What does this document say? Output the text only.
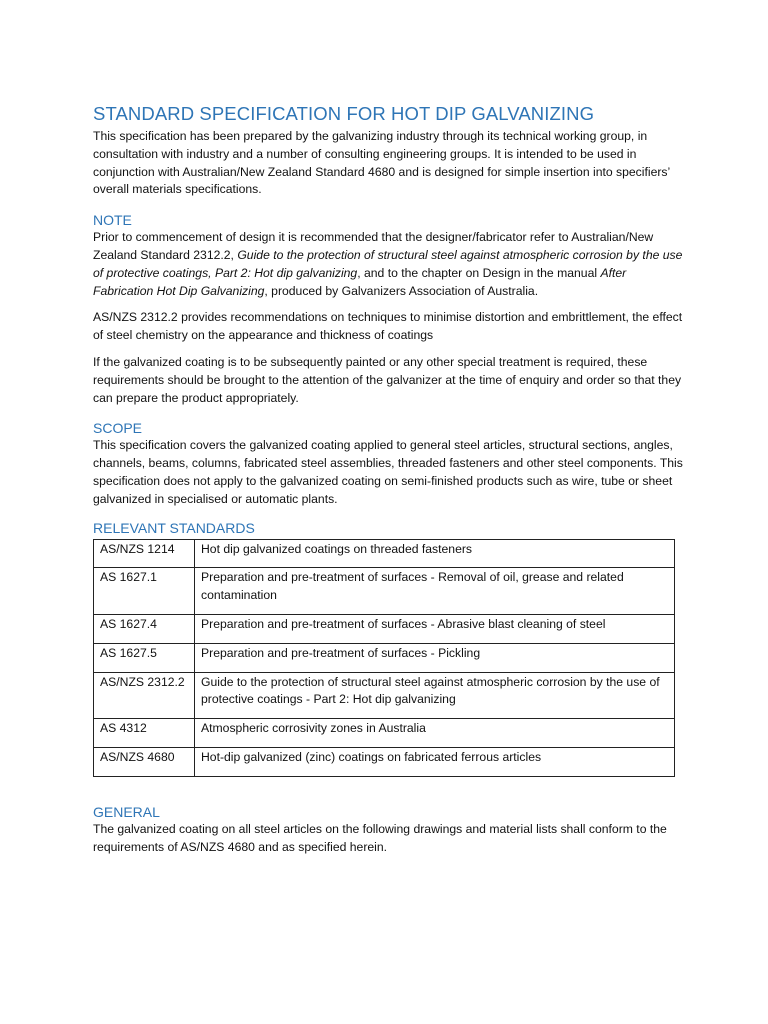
STANDARD SPECIFICATION FOR HOT DIP GALVANIZING

This specification has been prepared by the galvanizing industry through its technical working group, in consultation with industry and a number of consulting engineering groups. It is intended to be used in conjunction with Australian/New Zealand Standard 4680 and is designed for simple insertion into specifiers’ overall materials specifications.

NOTE

Prior to commencement of design it is recommended that the designer/fabricator refer to Australian/New Zealand Standard 2312.2, Guide to the protection of structural steel against atmospheric corrosion by the use of protective coatings, Part 2: Hot dip galvanizing, and to the chapter on Design in the manual After Fabrication Hot Dip Galvanizing, produced by Galvanizers Association of Australia.

AS/NZS 2312.2 provides recommendations on techniques to minimise distortion and embrittlement, the effect of steel chemistry on the appearance and thickness of coatings

If the galvanized coating is to be subsequently painted or any other special treatment is required, these requirements should be brought to the attention of the galvanizer at the time of enquiry and order so that they can prepare the product appropriately.

SCOPE

This specification covers the galvanized coating applied to general steel articles, structural sections, angles, channels, beams, columns, fabricated steel assemblies, threaded fasteners and other steel components. This specification does not apply to the galvanized coating on semi-finished products such as wire, tube or sheet galvanized in specialised or automatic plants.

RELEVANT STANDARDS
AS/NZS 1214	Hot dip galvanized coatings on threaded fasteners
AS 1627.1	Preparation and pre-treatment of surfaces - Removal of oil, grease and related contamination
AS 1627.4	Preparation and pre-treatment of surfaces - Abrasive blast cleaning of steel
AS 1627.5	Preparation and pre-treatment of surfaces - Pickling
AS/NZS 2312.2	Guide to the protection of structural steel against atmospheric corrosion by the use of protective coatings - Part 2: Hot dip galvanizing
AS 4312	Atmospheric corrosivity zones in Australia
AS/NZS 4680	Hot-dip galvanized (zinc) coatings on fabricated ferrous articles
GENERAL

The galvanized coating on all steel articles on the following drawings and material lists shall conform to the requirements of AS/NZS 4680 and as specified herein.
